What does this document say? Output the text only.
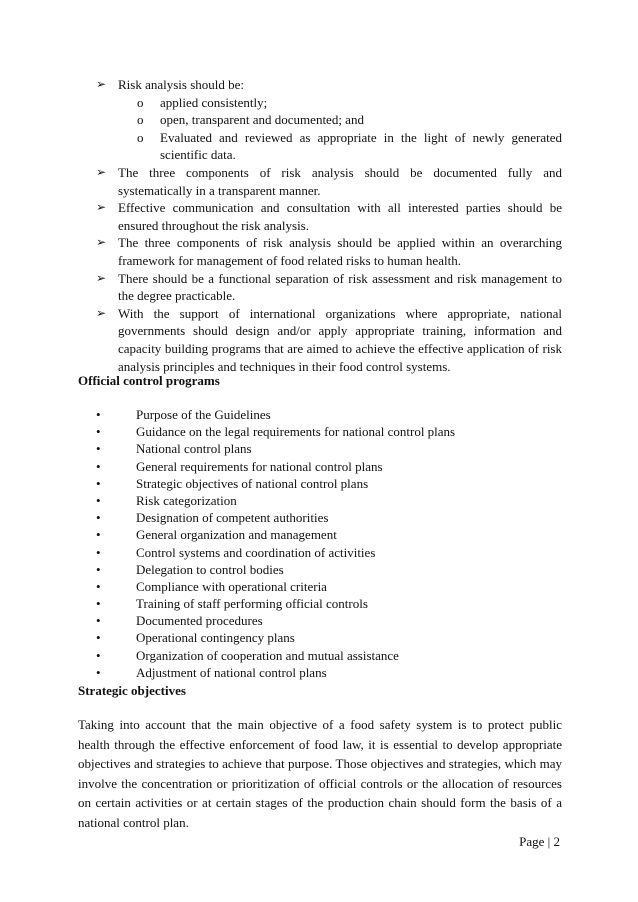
➢ Risk analysis should be:
o applied consistently;
o open, transparent and documented; and
o Evaluated and reviewed as appropriate in the light of newly generated scientific data.
➢ The three components of risk analysis should be documented fully and systematically in a transparent manner.
➢ Effective communication and consultation with all interested parties should be ensured throughout the risk analysis.
➢ The three components of risk analysis should be applied within an overarching framework for management of food related risks to human health.
➢ There should be a functional separation of risk assessment and risk management to the degree practicable.
➢ With the support of international organizations where appropriate, national governments should design and/or apply appropriate training, information and capacity building programs that are aimed to achieve the effective application of risk analysis principles and techniques in their food control systems.
Official control programs
•	Purpose of the Guidelines
•	Guidance on the legal requirements for national control plans
•	National control plans
•	General requirements for national control plans
•	Strategic objectives of national control plans
•	Risk categorization
•	Designation of competent authorities
•	General organization and management
•	Control systems and coordination of activities
•	Delegation to control bodies
•	Compliance with operational criteria
•	Training of staff performing official controls
•	Documented procedures
•	Operational contingency plans
•	Organization of cooperation and mutual assistance
•	Adjustment of national control plans
Strategic objectives
Taking into account that the main objective of a food safety system is to protect public health through the effective enforcement of food law, it is essential to develop appropriate objectives and strategies to achieve that purpose. Those objectives and strategies, which may involve the concentration or prioritization of official controls or the allocation of resources on certain activities or at certain stages of the production chain should form the basis of a national control plan.
Page | 2
